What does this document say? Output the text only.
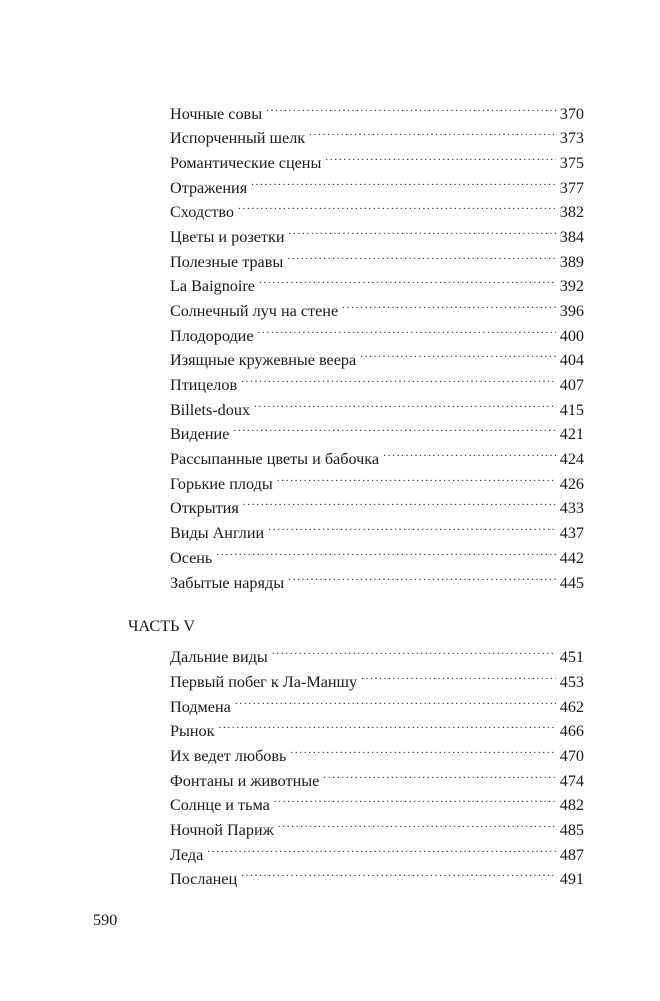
Ночные совы . . .	370
Испорченный шелк . . .	373
Романтические сцены . . .	375
Отражения . . .	377
Сходство . . .	382
Цветы и розетки . . .	384
Полезные травы . . .	389
La Baignoire . . .	392
Солнечный луч на стене . . .	396
Плодородие . . .	400
Изящные кружевные веера . . .	404
Птицелов . . .	407
Billets-doux . . .	415
Видение . . .	421
Рассыпанные цветы и бабочка . . .	424
Горькие плоды . . .	426
Открытия . . .	433
Виды Англии . . .	437
Осень . . .	442
Забытые наряды . . .	445
ЧАСТЬ V
Дальние виды . . .	451
Первый побег к Ла-Маншу . . .	453
Подмена . . .	462
Рынок . . .	466
Их ведет любовь . . .	470
Фонтаны и животные . . .	474
Солнце и тьма . . .	482
Ночной Париж . . .	485
Леда . . .	487
Посланец . . .	491
590
